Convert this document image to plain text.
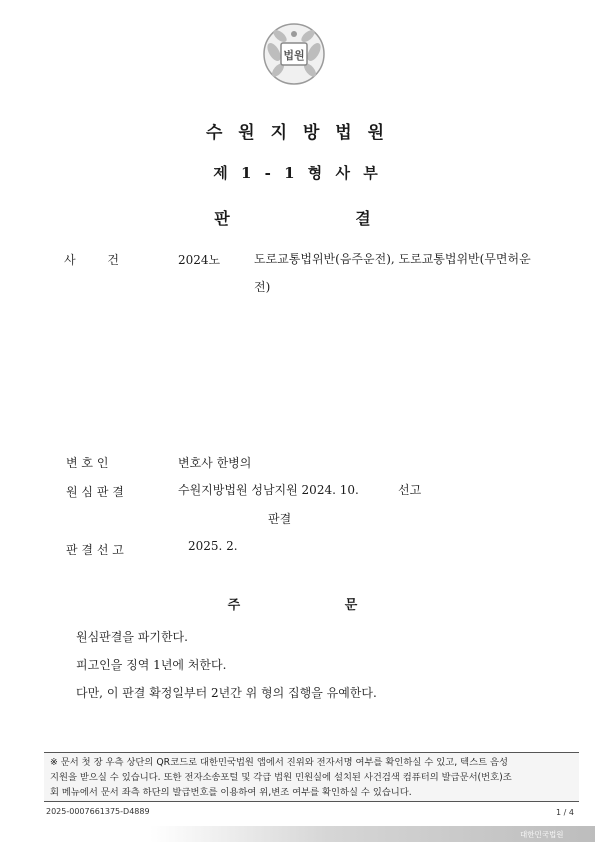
법원
수 원 지 방 법 원
제 1 - 1 형 사 부
판 결
사 건	2024노	도로교통법위반(음주운전), 도로교통법위반(무면허운
전)
변 호 인	변호사 한병의
원 심 판 결	수원지방법원 성남지원 2024. 10.	선고
판결
판 결 선 고	2025. 2.
주 문
원심판결을 파기한다.
피고인을 징역 1년에 처한다.
다만, 이 판결 확정일부터 2년간 위 형의 집행을 유예한다.
※ 문서 첫 장 우측 상단의 QR코드로 대한민국법원 앱에서 진위와 전자서명 여부를 확인하실 수 있고, 텍스트 음성
지원을 받으실 수 있습니다. 또한 전자소송포털 및 각급 법원 민원실에 설치된 사건검색 컴퓨터의 발급문서(번호)조
회 메뉴에서 문서 좌측 하단의 발급번호를 이용하여 위,변조 여부를 확인하실 수 있습니다.
2025-0007661375-D4889	1 / 4
대한민국법원
